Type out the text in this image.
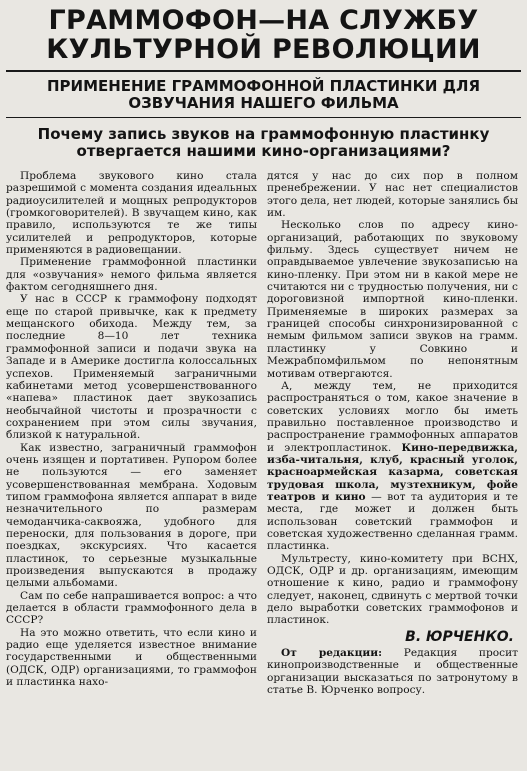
ГРАММОФОН—НА СЛУЖБУ КУЛЬТУРНОЙ РЕВОЛЮЦИИ
ПРИМЕНЕНИЕ ГРАММОФОННОЙ ПЛАСТИНКИ ДЛЯ ОЗВУЧАНИЯ НАШЕГО ФИЛЬМА
Почему запись звуков на граммофонную пластинку отвергается нашими кино-организациями?

Проблема звукового кино стала разрешимой с момента создания идеальных радиоусилителей и мощных репродукторов (громкоговорителей). В звучащем кино, как правило, используются те же типы усилителей и репродукторов, которые применяются в радиовещании.

Применение граммофонной пластинки для «озвучания» немого фильма является фактом сегодняшнего дня.

У нас в СССР к граммофону подходят еще по старой привычке, как к предмету мещанского обихода. Между тем, за последние 8—10 лет техника граммофонной записи и подачи звука на Западе и в Америке достигла колоссальных успехов. Применяемый заграничными кабинетами метод усовершенствованного «напева» пластинок дает звукозапись необычайной чистоты и прозрачности с сохранением при этом силы звучания, близкой к натуральной.

Как известно, заграничный граммофон очень изящен и портативен. Рупором более не пользуются — его заменяет усовершенствованная мембрана. Ходовым типом граммофона является аппарат в виде незначительного по размерам чемоданчика-саквояжа, удобного для переноски, для пользования в дороге, при поездках, экскурсиях. Что касается пластинок, то серьезные музыкальные произведения выпускаются в продажу целыми альбомами.

Сам по себе напрашивается вопрос: а что делается в области граммофонного дела в СССР?

На это можно ответить, что если кино и радио еще уделяется известное внимание государственными и общественными (ОДСК, ОДР) организациями, то граммофон и пластинка нахо-

дятся у нас до сих пор в полном пренебрежении. У нас нет специалистов этого дела, нет людей, которые занялись бы им.

Несколько слов по адресу кино-организаций, работающих по звуковому фильму. Здесь существует ничем не оправдываемое увлечение звукозаписью на кино-пленку. При этом ни в какой мере не считаются ни с трудностью получения, ни с дороговизной импортной кино-пленки. Применяемые в широких размерах за границей способы синхронизированной с немым фильмом записи звуков на грамм. пластинку у Совкино и Межрабпомфильмом по непонятным мотивам отвергаются.

А, между тем, не приходится распространяться о том, какое значение в советских условиях могло бы иметь правильно поставленное производство и распространение граммофонных аппаратов и электропластинок. Кино-передвижка, изба-читальня, клуб, красный уголок, красноармейская казарма, советская трудовая школа, музтехникум, фойе театров и кино — вот та аудитория и те места, где может и должен быть использован советский граммофон и советская художественно сделанная грамм. пластинка.

Мультресту, кино-комитету при ВСНХ, ОДСК, ОДР и др. организациям, имеющим отношение к кино, радио и граммофону следует, наконец, сдвинуть с мертвой точки дело выработки советских граммофонов и пластинок.

В. ЮРЧЕНКО.

От редакции: Редакция просит кинопроизводственные и общественные организации высказаться по затронутому в статье В. Юрченко вопросу.
